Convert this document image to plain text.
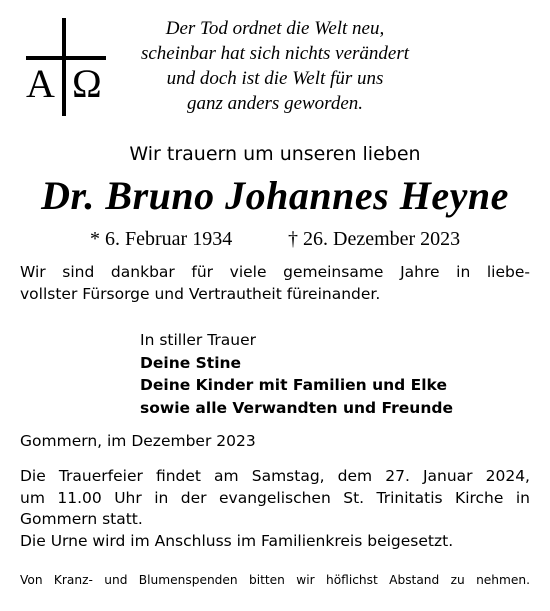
A Ω
Der Tod ordnet die Welt neu,
scheinbar hat sich nichts verändert
und doch ist die Welt für uns
ganz anders geworden.
Wir trauern um unseren lieben
Dr. Bruno Johannes Heyne
* 6. Februar 1934	† 26. Dezember 2023
Wir sind dankbar für viele gemeinsame Jahre in liebe-
vollster Fürsorge und Vertrautheit füreinander.
In stiller Trauer
Deine Stine
Deine Kinder mit Familien und Elke
sowie alle Verwandten und Freunde
Gommern, im Dezember 2023
Die Trauerfeier findet am Samstag, dem 27. Januar 2024,
um 11.00 Uhr in der evangelischen St. Trinitatis Kirche in
Gommern statt.
Die Urne wird im Anschluss im Familienkreis beigesetzt.
Von Kranz- und Blumenspenden bitten wir höflichst Abstand zu nehmen.
